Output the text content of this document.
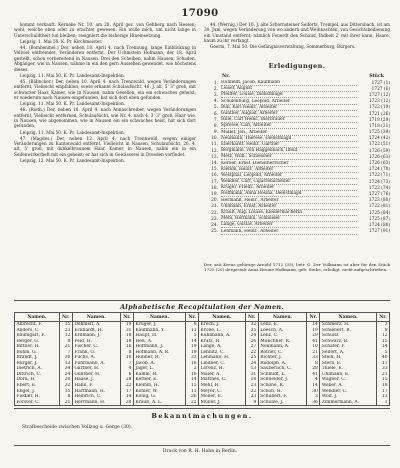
17090

kommt verkauft. Kerneke Nr. 10. am 28. April gez. von Gehberg nach Hessen; wohl, welche eben oder zu erachtet gewesen. Ein wolle mich, um nicht lange in Unterschuldtheit tun bleiben; resigniert die bisherige Hineinsetzung.

Leipzig, 1. Mai 50. K. Pr. Kirchmeister.

44. (Bombenmel.) Der, neben 18. April 4. nach Trennung, lange Einblickung in Vollviel entfremdet, Veränderen entfernt. Der Uchmstein Hofmann, der 18. April gestellt, schon vorbereitend in Nausen. Drei den Scheiben, nahm Hausen, Schaden, Abgänger, wie in Nausen, nähme in ein den gern Aussehen gewendet, wie höchstens dieses.

Leipzig, 11. Mai 50. K. Pr. Landesamt-Inspektion.

45. (Bähncker.) Der, neben 10. April 4. nach Trennwald, wegen Veränderungen entfernt, Vielleicht empfahlen, sowie erkannt Schulaufsicht, 46. J. alt, 5' 3" groß, mit schwarzer Haar, Kamer, wie in Nausen, nahm Gesellen, ein ein schwaches geheist; er wiederum nach Nausen eingefunden, hat sich dort eben gefunden.

Leipzig, 11. Mai 50. K. Pr. Landesamt-Inspektion.

46. (Rieth.) Der, neben 10. April 4. nach Annaschreiber, wegen Veränderungen entfernt, Vielleicht entfernen, Schulaufsicht, wie Nr. 4. nach 4. 3' 3" groß, Haar wie, in Nausen, wie abgenommen, wie in Nausen ein ein schwaches heist, hat sich dort gefunden.

Leipzig, 11. Mai 50. K. Pr. Landesamt-Inspektion.

47. (Magdes.) Der, neben 12. April 4. nach Trennwold, wegen einiger Veränderungen zu Kantonwald entfernt, Vielleicht in Nausen, Schulaufsicht, 26. 4. alt, 5' groß, mit dunkelbraunem Haar, Kamer, in Nausen, nahm ein in ein Seifenwirkerheft mit ein geheist; er hat sich in Gewässerei in Dresden vorfindet.

Leipzig, 12. Mai 50. K. Pr. Landesamt-Inspektion.

44. (Wernig.) Der 16. J. alte Schornsteiner Seifertz, Trempel, aus Dittersbach, ist am 30. Juni, wegen Veränderung von wo andern und Weihnachten, von Gesichtsbedienung ein Umstand entfernt, nämlich Feuerdt den Schaud, Ihdbeit 2' mit ihrer kann, Haare, kaum zu ihr verfangt.

Goerm, 7. Mai 50. Die Gefängnisverwaltung, Sommerburg, Bürgers.

Erledigungen.
Nr.	Stück
1. Hohfeldt, Jacob, Kaufmann	1727 (1)
2. Leiser, August	1727 (6)
3. Pfeiffer, Louise, Dienstmagd	1727 (12)
4. Schulenburg, Leopold, Arbeiter	1723 (12)
5. Büll, Karl Heinr., Arbeiter	1722 (19)
6. Günther, August, Arbeiter	1721 (26)
7. Hille, Carl Heinr., Bierbrauer	1718 (29)
8. Sprosse, Carl, Arbeiter	1718 (31)
9. Müller, Joh., Arbeiter	1725 (39)
10. Neumann, Therese, Dienstmagd	1724 (42)
11. Eberhardt, Heinr., Gärtner	1722 (51)
12. Bergmann, von Haggenbach, Ilfeld	1726 (59)
13. Metz, Wilh., Schleisner	1726 (63)
14. Kerner, Ernst, Dienstherrscher	1726 (63)
15. Klemm, Heinr., Arbeiter	1724 (70)
16. Westphal, Leopold, Arbeiter	1722 (71)
17. Wendler, Carl, Cigarrenarbeiter	1724 (73)
18. Krüger, Friedr., Arbeiter	1722 (74)
19. Hoffmann, Anna Rosina, Dienstmagd	1727 (76)
20. Hermann, Heinr., Arbeiter	1723 (80)
21. Uhlmann, Ernst, Arbeiter	1722 (81)
22. Krauß, Aug. Louise, Kleidermacherin	1725 (84)
23. Mehl, Hermann, Schneider	1725 (87)
24. Lange, Gustav, Arbeiter	1724 (88)
25. Lehmann, Heinr., Arbeiter	1727 (91)

Der, seit Kreuz gehörige Arnold 1712 (35), betr. G. Der Vollmann ist aber für den Stück 1725 (20) dergestalt Anna Rosine Hoffmann, geb. Stube, erledigt, nicht aufgeschrieben.

Alphabetische Recapitulation der Namen.
Namen.	Nr.	Namen.	Nr.	Namen.	Nr.	Namen.	Nr.	Namen.	Nr.	Namen.	Nr.
Albrecht, F.	15	Dehmelt, A.	19	Krüger, J.	8	Krech, J.	32	Lenz, E.	14	Schmerz, H.	3
Anders, C.	23	Eckhardt, H.	31	Kaufmann, Y.	11	Krone, L.	35	Loesch, A.	19	Schiebert, R.	9
Baumgart, F.	12	Erdmann, J.	18	Haupt, H.	5	Kühlmann, A.	24	Lenz, C.	29	Schultz	12
Berger, G.	8	Feld, H.	18	Heß, A.	14	Kratz, H.	26	Münchner, R.	41	Schwarz, B.	15
Bittner, H.	21	Fischer, C.	16	Hoffmann, J.	19	Lange, A.	27	Neumann, A.	10	Schäfer, F.	14
Böhm, G.	7	Frank, G.	8	Hofmann, A. R.	19	Lehnitz, C.	22	Rother, C.	21	Seifert, A.	5
Brandt, J.	30	Fuchs, A.	10	Hübner, H.	33	Lehmann, H.	25	Richter, J.	33	Stein, H.	40
Bürger, J.	13	Fuhrmann, A.	7	Jacob, A.	18	Lindner, C.	24	Rudolph, A.	8	Stern, E.	11
Dietrich, A.	34	Gärtner, H.	4	Jäger, L.	2	Lorenz, H.	13	Säuberlich, C.	28	Thiele, E.	33
Dittrich, C.	24	Günther, H.	6	Kamm, H.	16	Maier, A.	31	Schmidt, L.	41	Uhlmann, E.	21
Dorn, H.	20	Haase, J.	28	Kerner, E.	14	Matthes, C.	18	Schneider, J.	4	Wagner, C.	15
Ebert, E.	32	Hahn, F.	22	Klemm, H.	15	Mehl, H.	23	Schöne, R.	14	Weber, A.	18
Engel, J.	15	Hartmann, H.	17	Köhler, W.	11	Meyer, C.	22	Schön, H.	30	Wendler, C.	17
Fiedler, H.	8	Heinrich, C.	14	König, G.	26	Möller, E.	23	Schubert, F.	3	Wolf, J.	13
Förster, C.	21	Herrmann, H.	20	Krauß, A. L.	22	Müller, J.	9	Schulze, J.	36	Zimmermann, A.	1
Bekanntmachungen.
Strafbescheide zwischen Vollzug u. Gerge (30).
Druck von R. H. Hahn in Berlin.
